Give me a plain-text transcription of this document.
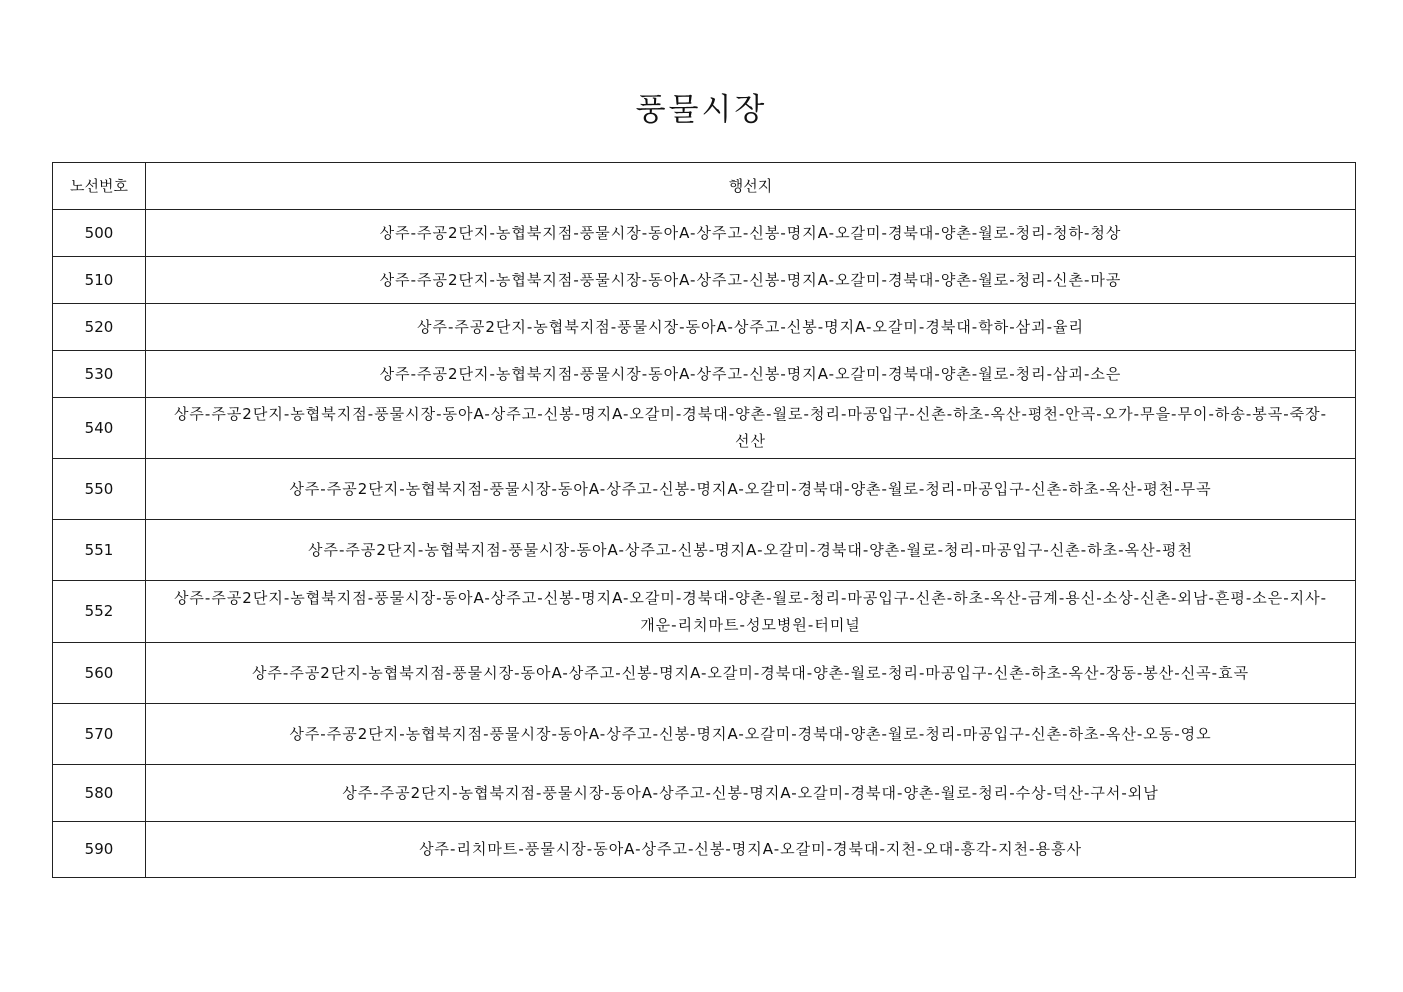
풍물시장
노선번호	행선지
500	상주-주공2단지-농협북지점-풍물시장-동아A-상주고-신봉-명지A-오갈미-경북대-양촌-월로-청리-청하-청상
510	상주-주공2단지-농협북지점-풍물시장-동아A-상주고-신봉-명지A-오갈미-경북대-양촌-월로-청리-신촌-마공
520	상주-주공2단지-농협북지점-풍물시장-동아A-상주고-신봉-명지A-오갈미-경북대-학하-삼괴-율리
530	상주-주공2단지-농협북지점-풍물시장-동아A-상주고-신봉-명지A-오갈미-경북대-양촌-월로-청리-삼괴-소은
540	상주-주공2단지-농협북지점-풍물시장-동아A-상주고-신봉-명지A-오갈미-경북대-양촌-월로-청리-마공입구-신촌-하초-옥산-평천-안곡-오가-무을-무이-하송-봉곡-죽장-선산
550	상주-주공2단지-농협북지점-풍물시장-동아A-상주고-신봉-명지A-오갈미-경북대-양촌-월로-청리-마공입구-신촌-하초-옥산-평천-무곡
551	상주-주공2단지-농협북지점-풍물시장-동아A-상주고-신봉-명지A-오갈미-경북대-양촌-월로-청리-마공입구-신촌-하초-옥산-평천
552	상주-주공2단지-농협북지점-풍물시장-동아A-상주고-신봉-명지A-오갈미-경북대-양촌-월로-청리-마공입구-신촌-하초-옥산-금계-용신-소상-신촌-외남-흔평-소은-지사-개운-리치마트-성모병원-터미널
560	상주-주공2단지-농협북지점-풍물시장-동아A-상주고-신봉-명지A-오갈미-경북대-양촌-월로-청리-마공입구-신촌-하초-옥산-장동-봉산-신곡-효곡
570	상주-주공2단지-농협북지점-풍물시장-동아A-상주고-신봉-명지A-오갈미-경북대-양촌-월로-청리-마공입구-신촌-하초-옥산-오동-영오
580	상주-주공2단지-농협북지점-풍물시장-동아A-상주고-신봉-명지A-오갈미-경북대-양촌-월로-청리-수상-덕산-구서-외남
590	상주-리치마트-풍물시장-동아A-상주고-신봉-명지A-오갈미-경북대-지천-오대-흥각-지천-용흥사
